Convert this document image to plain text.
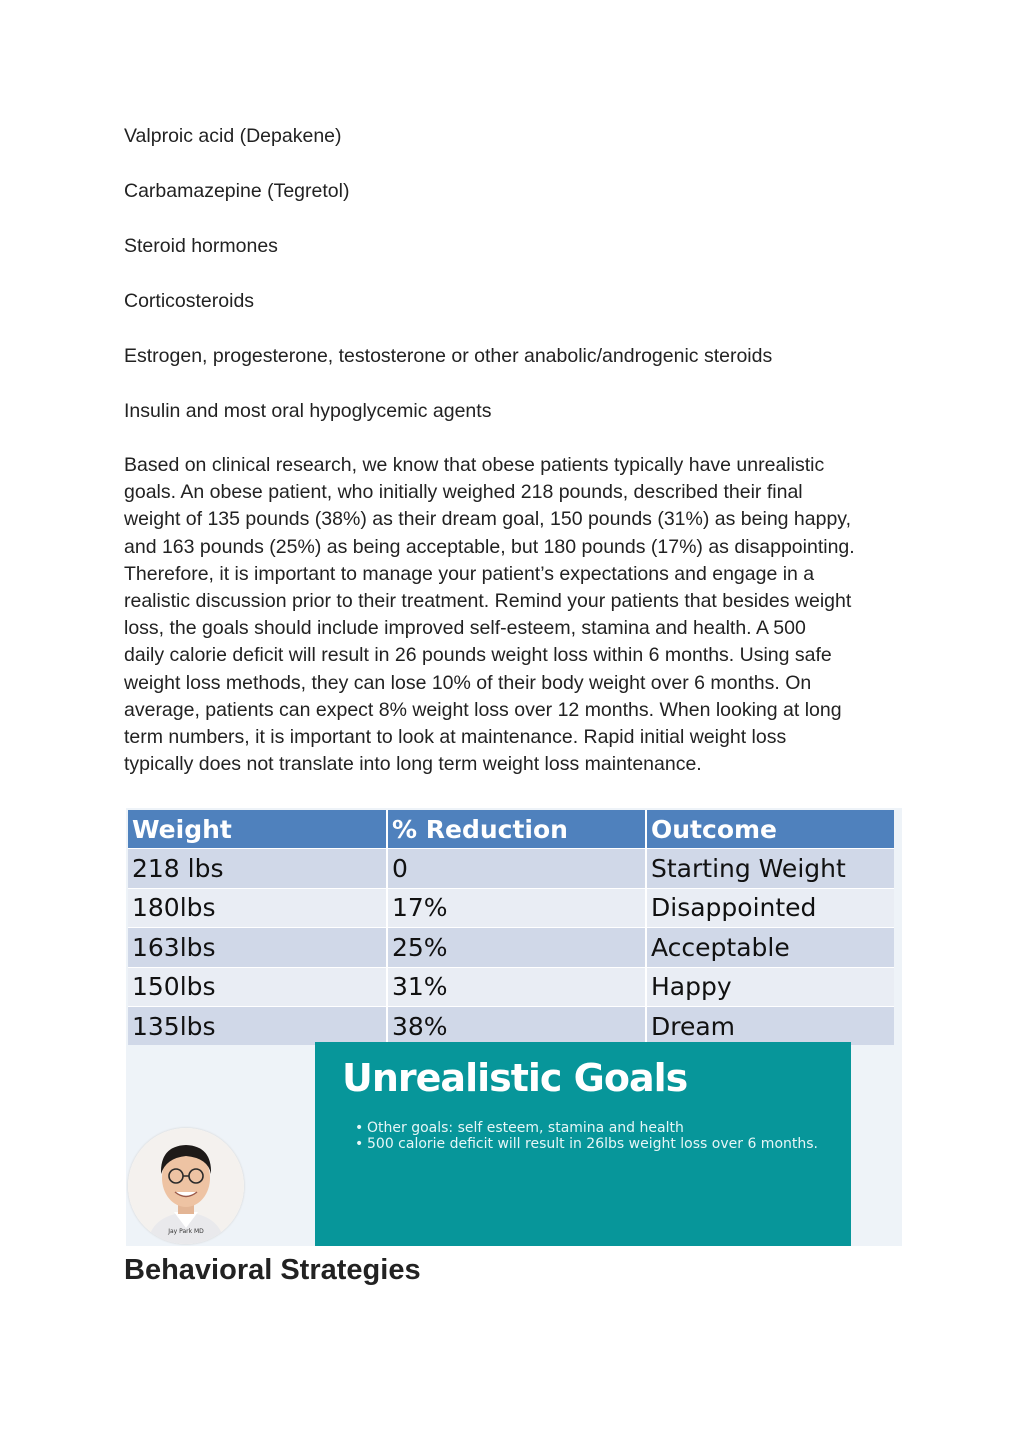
Valproic acid (Depakene)
Carbamazepine (Tegretol)
Steroid hormones
Corticosteroids
Estrogen, progesterone, testosterone or other anabolic/androgenic steroids
Insulin and most oral hypoglycemic agents
Based on clinical research, we know that obese patients typically have unrealistic
goals. An obese patient, who initially weighed 218 pounds, described their final
weight of 135 pounds (38%) as their dream goal, 150 pounds (31%) as being happy,
and 163 pounds (25%) as being acceptable, but 180 pounds (17%) as disappointing.
Therefore, it is important to manage your patient’s expectations and engage in a
realistic discussion prior to their treatment. Remind your patients that besides weight
loss, the goals should include improved self-esteem, stamina and health. A 500
daily calorie deficit will result in 26 pounds weight loss within 6 months. Using safe
weight loss methods, they can lose 10% of their body weight over 6 months. On
average, patients can expect 8% weight loss over 12 months. When looking at long
term numbers, it is important to look at maintenance. Rapid initial weight loss
typically does not translate into long term weight loss maintenance.
Weight	% Reduction	Outcome
218 lbs	0	Starting Weight
180lbs	17%	Disappointed
163lbs	25%	Acceptable
150lbs	31%	Happy
135lbs	38%	Dream
Unrealistic Goals
• Other goals: self esteem, stamina and health
• 500 calorie deficit will result in 26lbs weight loss over 6 months.
Jay Park MD
Behavioral Strategies
